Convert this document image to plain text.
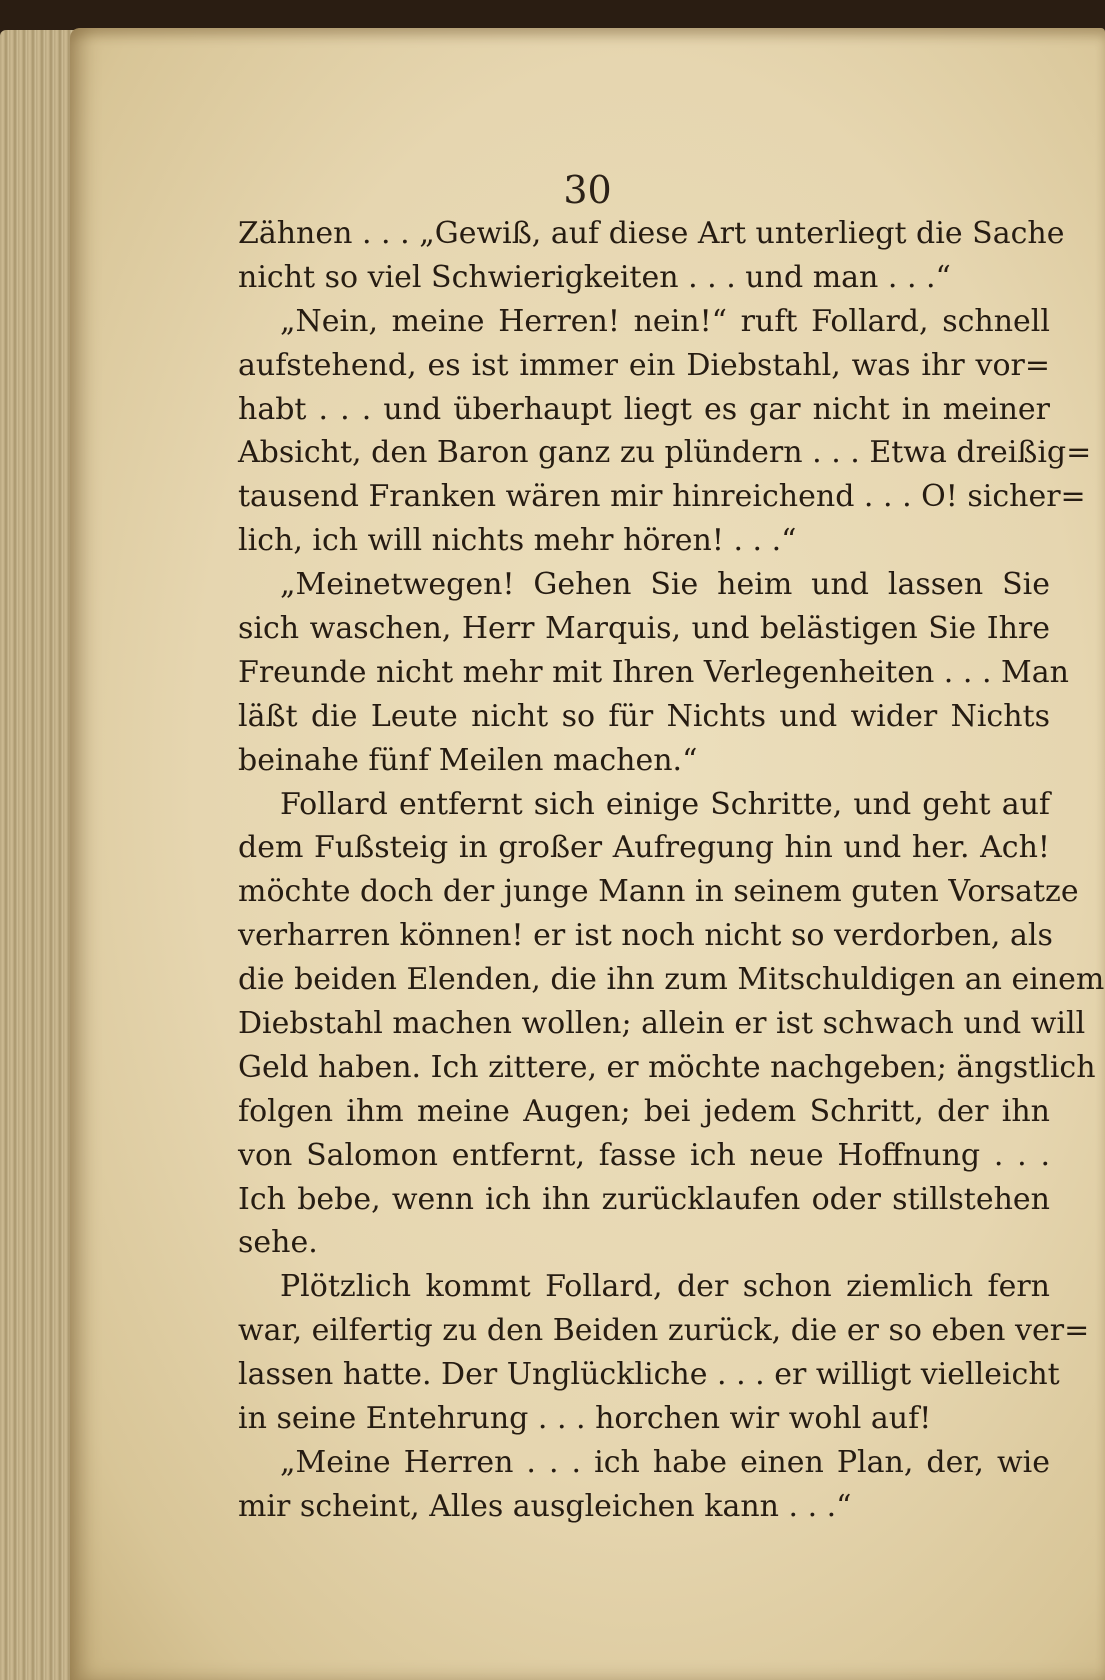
30
Zähnen . . . „Gewiß, auf diese Art unterliegt die Sache
nicht so viel Schwierigkeiten . . . und man . . .“
„Nein, meine Herren! nein!“ ruft Follard, schnell
aufstehend, es ist immer ein Diebstahl, was ihr vor=
habt . . . und überhaupt liegt es gar nicht in meiner
Absicht, den Baron ganz zu plündern . . . Etwa dreißig=
tausend Franken wären mir hinreichend . . . O! sicher=
lich, ich will nichts mehr hören! . . .“
„Meinetwegen! Gehen Sie heim und lassen Sie
sich waschen, Herr Marquis, und belästigen Sie Ihre
Freunde nicht mehr mit Ihren Verlegenheiten . . . Man
läßt die Leute nicht so für Nichts und wider Nichts
beinahe fünf Meilen machen.“
Follard entfernt sich einige Schritte, und geht auf
dem Fußsteig in großer Aufregung hin und her. Ach!
möchte doch der junge Mann in seinem guten Vorsatze
verharren können! er ist noch nicht so verdorben, als
die beiden Elenden, die ihn zum Mitschuldigen an einem
Diebstahl machen wollen; allein er ist schwach und will
Geld haben. Ich zittere, er möchte nachgeben; ängstlich
folgen ihm meine Augen; bei jedem Schritt, der ihn
von Salomon entfernt, fasse ich neue Hoffnung . . .
Ich bebe, wenn ich ihn zurücklaufen oder stillstehen
sehe.
Plötzlich kommt Follard, der schon ziemlich fern
war, eilfertig zu den Beiden zurück, die er so eben ver=
lassen hatte. Der Unglückliche . . . er willigt vielleicht
in seine Entehrung . . . horchen wir wohl auf!
„Meine Herren . . . ich habe einen Plan, der, wie
mir scheint, Alles ausgleichen kann . . .“
